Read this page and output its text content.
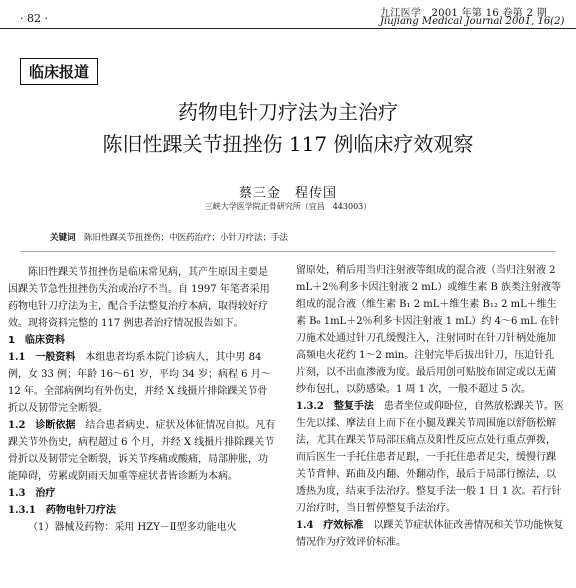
· 82 ·	九江医学　2001 年第 16 卷第 2 期
Jiujiang Medical Journal 2001, 16(2)
临床报道
药物电针刀疗法为主治疗
陈旧性踝关节扭挫伤 117 例临床疗效观察
蔡三金　程传国
三峡大学医学院正骨研究所（宜昌　443003）
关键词　 陈旧性踝关节扭挫伤；中医药治疗；小针刀疗法；手法

陈旧性踝关节扭挫伤是临床常见病，其产生原因主要是因踝关节急性扭挫伤失治或治疗不当。自 1997 年笔者采用药物电针刀疗法为主，配合手法整复治疗本病，取得较好疗效。现将资料完整的 117 例患者治疗情况报告如下。

1　临床资料

1.1　一般资料　 本组患者均系本院门诊病人，其中男 84 例，女 33 例；年龄 16～61 岁，平均 34 岁；病程 6 月～12 年。全部病例均有外伤史，并经 X 线摄片排除踝关节骨折以及韧带完全断裂。

1.2　诊断依据　 结合患者病史、症状及体征情况自拟。凡有踝关节外伤史，病程超过 6 个月，并经 X 线摄片排除踝关节骨折以及韧带完全断裂，诉关节疼痛或酸痛，局部肿胀，功能障碍，劳累或阴雨天加重等症状者皆诊断为本病。

1.3　治疗

1.3.1　药物电针刀疗法

（1）器械及药物：采用 HZY－Ⅱ型多功能电火

留原处，稍后用当归注射液等组成的混合液（当归注射液 2 mL＋2％利多卡因注射液 2 mL）或维生素 B 族类注射液等组成的混合液（维生素 B₁ 2 mL＋维生素 B₁₂ 2 mL＋维生素 B₆ 1mL＋2％利多卡因注射液 1 mL）约 4～6 mL 在针刀施术处通过针刀孔缓慢注入，注射同时在针刀针柄处施加高频电火花约 1～2 min。注射完毕后拔出针刀，压迫针孔片刻，以不出血渗液为度。最后用创可贴胶布固定或以无菌纱布包扎，以防感染。1 周 1 次，一般不超过 5 次。

1.3.2　整复手法　 患者坐位或仰卧位，自然放松踝关节。医生先以揉、摩法自上而下在小腿及踝关节周围施以舒筋松解法，尤其在踝关节局部压痛点及阳性反应点处行重点弹拨，而后医生一手托住患者足跟，一手托住患者足尖，缓慢行踝关节背伸、跖曲及内翻、外翻动作，最后于局部行擦法，以透热为度，结束手法治疗。整复手法一般 1 日 1 次。若行针刀治疗时，当日暂停整复手法治疗。

1.4　疗效标准　 以踝关节症状体征改善情况和关节功能恢复情况作为疗效评价标准。
